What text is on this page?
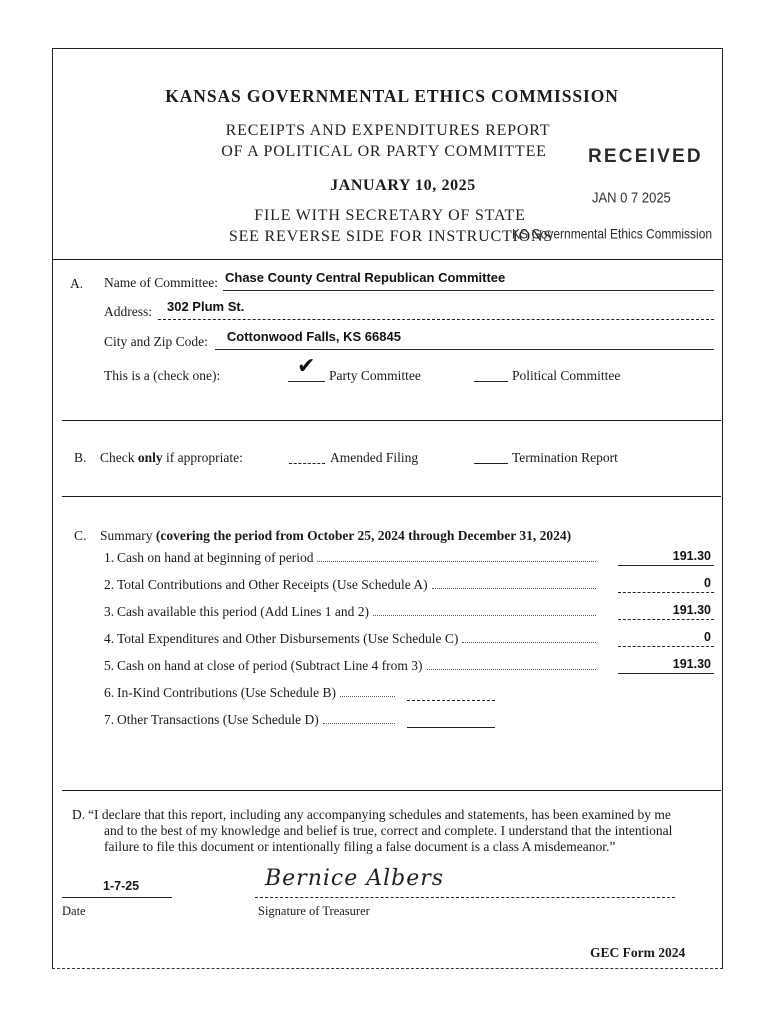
KANSAS GOVERNMENTAL ETHICS COMMISSION
RECEIPTS AND EXPENDITURES REPORT
OF A POLITICAL OR PARTY COMMITTEE
JANUARY 10, 2025
FILE WITH SECRETARY OF STATE
SEE REVERSE SIDE FOR INSTRUCTIONS
RECEIVED
JAN 0 7 2025
KS Governmental Ethics Commission
A. Name of Committee: Chase County Central Republican Committee
Address: 302 Plum St.
City and Zip Code: Cottonwood Falls, KS 66845
This is a (check one):
✔	Party Committee	Political Committee
B. Check only if appropriate:	Amended Filing	Termination Report
C. Summary (covering the period from October 25, 2024 through December 31, 2024)
1. Cash on hand at beginning of period	191.30
2. Total Contributions and Other Receipts (Use Schedule A)	0
3. Cash available this period (Add Lines 1 and 2)	191.30
4. Total Expenditures and Other Disbursements (Use Schedule C)	0
5. Cash on hand at close of period (Subtract Line 4 from 3)	191.30
6. In-Kind Contributions (Use Schedule B)
7. Other Transactions (Use Schedule D)
D. “I declare that this report, including any accompanying schedules and statements, has been examined by me
and to the best of my knowledge and belief is true, correct and complete. I understand that the intentional
failure to file this document or intentionally filing a false document is a class A misdemeanor.”
1-7-25	Bernice Albers
Date	Signature of Treasurer
GEC Form 2024
